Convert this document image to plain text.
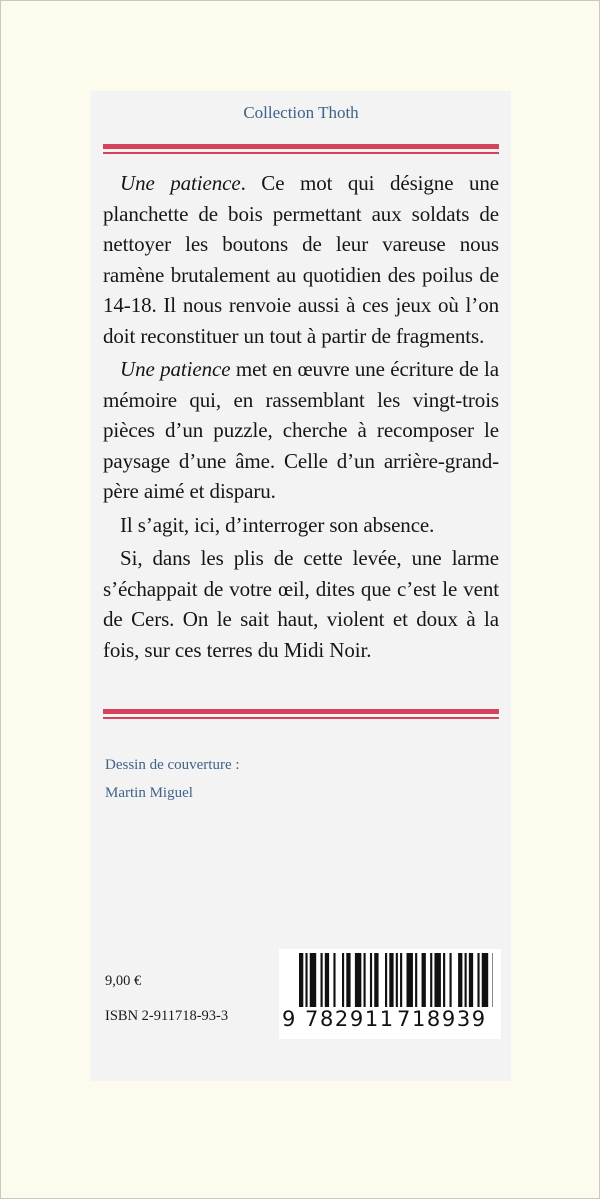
Collection Thoth

Une patience. Ce mot qui désigne une planchette de bois permettant aux soldats de nettoyer les boutons de leur vareuse nous ramène brutalement au quotidien des poilus de 14-18. Il nous renvoie aussi à ces jeux où l’on doit reconstituer un tout à partir de fragments.

Une patience met en œuvre une écriture de la mémoire qui, en rassemblant les vingt-trois pièces d’un puzzle, cherche à recomposer le paysage d’une âme. Celle d’un arrière-grand-père aimé et disparu.

Il s’agit, ici, d’interroger son absence.

Si, dans les plis de cette levée, une larme s’échappait de votre œil, dites que c’est le vent de Cers. On le sait haut, violent et doux à la fois, sur ces terres du Midi Noir.

Dessin de couverture :
Martin Miguel
9,00 €
ISBN 2-911718-93-3	9 782911 718939
